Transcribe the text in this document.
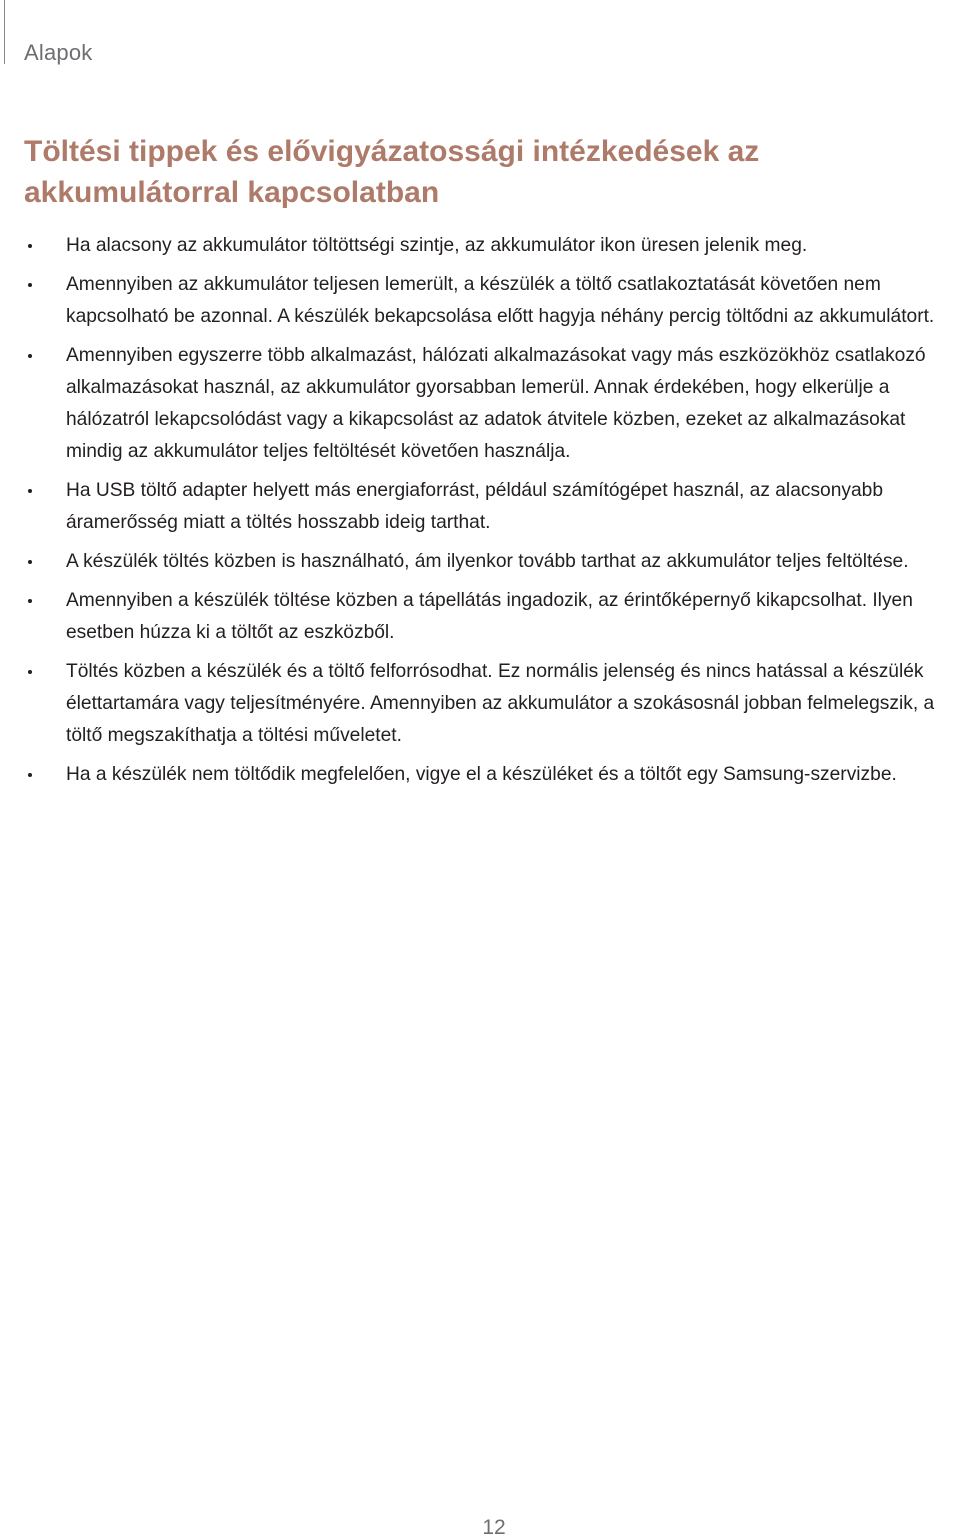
Alapok
Töltési tippek és elővigyázatossági intézkedések az akkumulátorral kapcsolatban
Ha alacsony az akkumulátor töltöttségi szintje, az akkumulátor ikon üresen jelenik meg.
Amennyiben az akkumulátor teljesen lemerült, a készülék a töltő csatlakoztatását követően nem kapcsolható be azonnal. A készülék bekapcsolása előtt hagyja néhány percig töltődni az akkumulátort.
Amennyiben egyszerre több alkalmazást, hálózati alkalmazásokat vagy más eszközökhöz csatlakozó alkalmazásokat használ, az akkumulátor gyorsabban lemerül. Annak érdekében, hogy elkerülje a hálózatról lekapcsolódást vagy a kikapcsolást az adatok átvitele közben, ezeket az alkalmazásokat mindig az akkumulátor teljes feltöltését követően használja.
Ha USB töltő adapter helyett más energiaforrást, például számítógépet használ, az alacsonyabb áramerősség miatt a töltés hosszabb ideig tarthat.
A készülék töltés közben is használható, ám ilyenkor tovább tarthat az akkumulátor teljes feltöltése.
Amennyiben a készülék töltése közben a tápellátás ingadozik, az érintőképernyő kikapcsolhat. Ilyen esetben húzza ki a töltőt az eszközből.
Töltés közben a készülék és a töltő felforrósodhat. Ez normális jelenség és nincs hatással a készülék élettartamára vagy teljesítményére. Amennyiben az akkumulátor a szokásosnál jobban felmelegszik, a töltő megszakíthatja a töltési műveletet.
Ha a készülék nem töltődik megfelelően, vigye el a készüléket és a töltőt egy Samsung-szervizbe.
12
